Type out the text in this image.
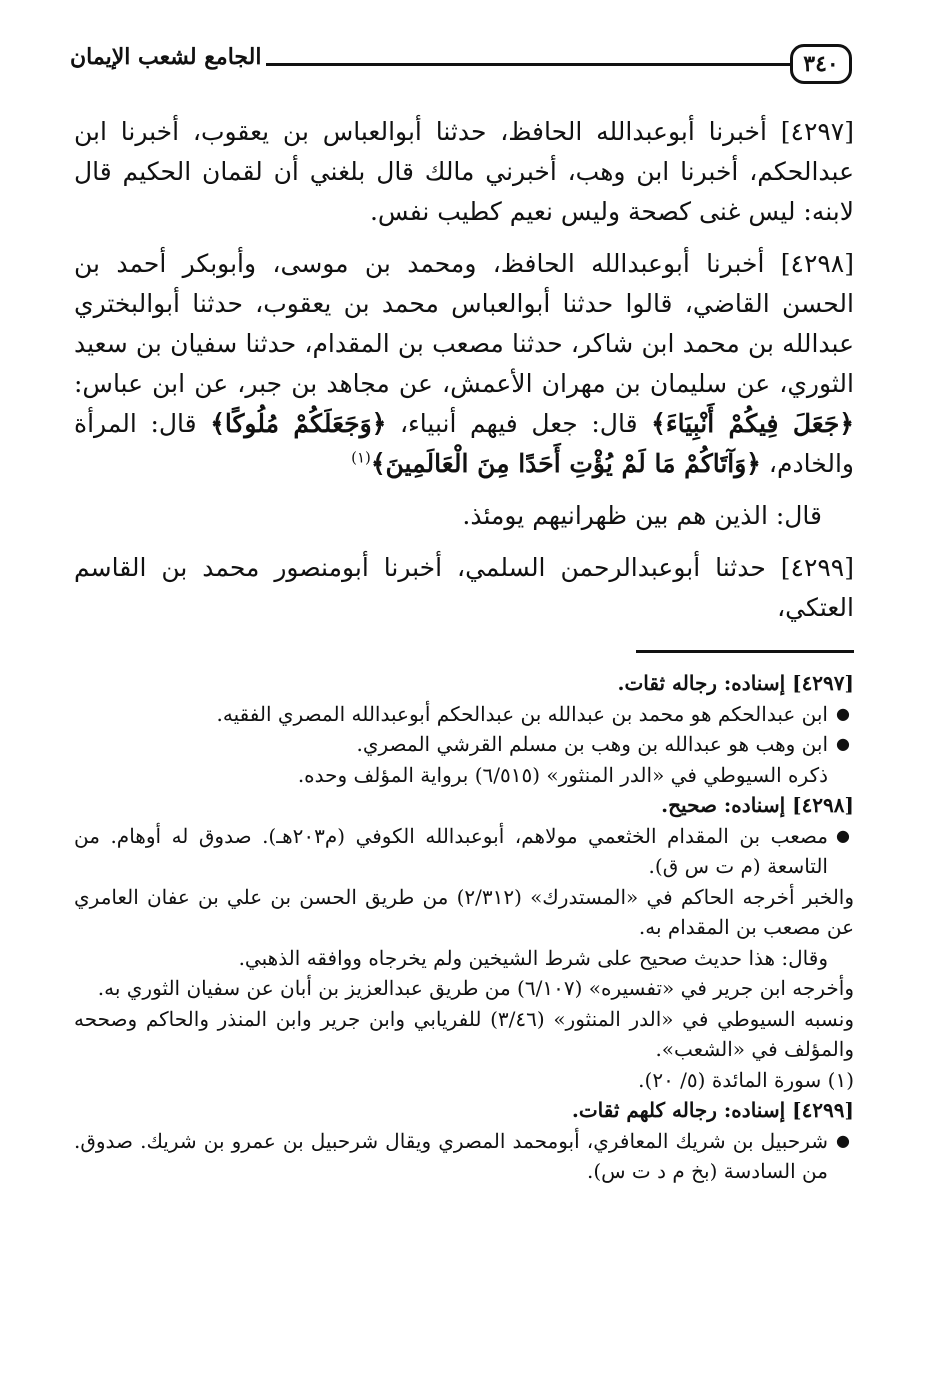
٣٤٠
الجامع لشعب الإيمان

[٤٢٩٧] أخبرنا أبوعبدالله الحافظ، حدثنا أبوالعباس بن يعقوب، أخبرنا ابن عبدالحكم، أخبرنا ابن وهب، أخبرني مالك قال بلغني أن لقمان الحكيم قال لابنه: ليس غنى كصحة وليس نعيم كطيب نفس.

[٤٢٩٨] أخبرنا أبوعبدالله الحافظ، ومحمد بن موسى، وأبوبكر أحمد بن الحسن القاضي، قالوا حدثنا أبوالعباس محمد بن يعقوب، حدثنا أبوالبختري عبدالله بن محمد ابن شاكر، حدثنا مصعب بن المقدام، حدثنا سفيان بن سعيد الثوري، عن سليمان بن مهران الأعمش، عن مجاهد بن جبر، عن ابن عباس: ﴿جَعَلَ فِيكُمْ أَنْبِيَاءَ﴾ قال: جعل فيهم أنبياء، ﴿وَجَعَلَكُمْ مُلُوكًا﴾ قال: المرأة والخادم، ﴿وَآتَاكُمْ مَا لَمْ يُؤْتِ أَحَدًا مِنَ الْعَالَمِينَ﴾$^{(١)}$

قال: الذين هم بين ظهرانيهم يومئذ.

[٤٢٩٩] حدثنا أبوعبدالرحمن السلمي، أخبرنا أبومنصور محمد بن القاسم العتكي،

[٤٢٩٧] إسناده: رجاله ثقات.

●
ابن عبدالحكم هو محمد بن عبدالله بن عبدالحكم أبوعبدالله المصري الفقيه.

●
ابن وهب هو عبدالله بن وهب بن مسلم القرشي المصري.

ذكره السيوطي في «الدر المنثور» (٦/٥١٥) برواية المؤلف وحده.

[٤٢٩٨] إسناده: صحيح.

●
مصعب بن المقدام الخثعمي مولاهم، أبوعبدالله الكوفي (م٢٠٣هـ). صدوق له أوهام. من التاسعة (م ت س ق).

والخبر أخرجه الحاكم في «المستدرك» (٢/٣١٢) من طريق الحسن بن علي بن عفان العامري عن مصعب بن المقدام به.

وقال: هذا حديث صحيح على شرط الشيخين ولم يخرجاه ووافقه الذهبي.

وأخرجه ابن جرير في «تفسيره» (٦/١٠٧) من طريق عبدالعزيز بن أبان عن سفيان الثوري به.

ونسبه السيوطي في «الدر المنثور» (٣/٤٦) للفريابي وابن جرير وابن المنذر والحاكم وصححه والمؤلف في «الشعب».

(١) سورة المائدة (٥/ ٢٠).

[٤٢٩٩] إسناده: رجاله كلهم ثقات.

●
شرحبيل بن شريك المعافري، أبومحمد المصري ويقال شرحبيل بن عمرو بن شريك. صدوق. من السادسة (بخ م د ت س).
